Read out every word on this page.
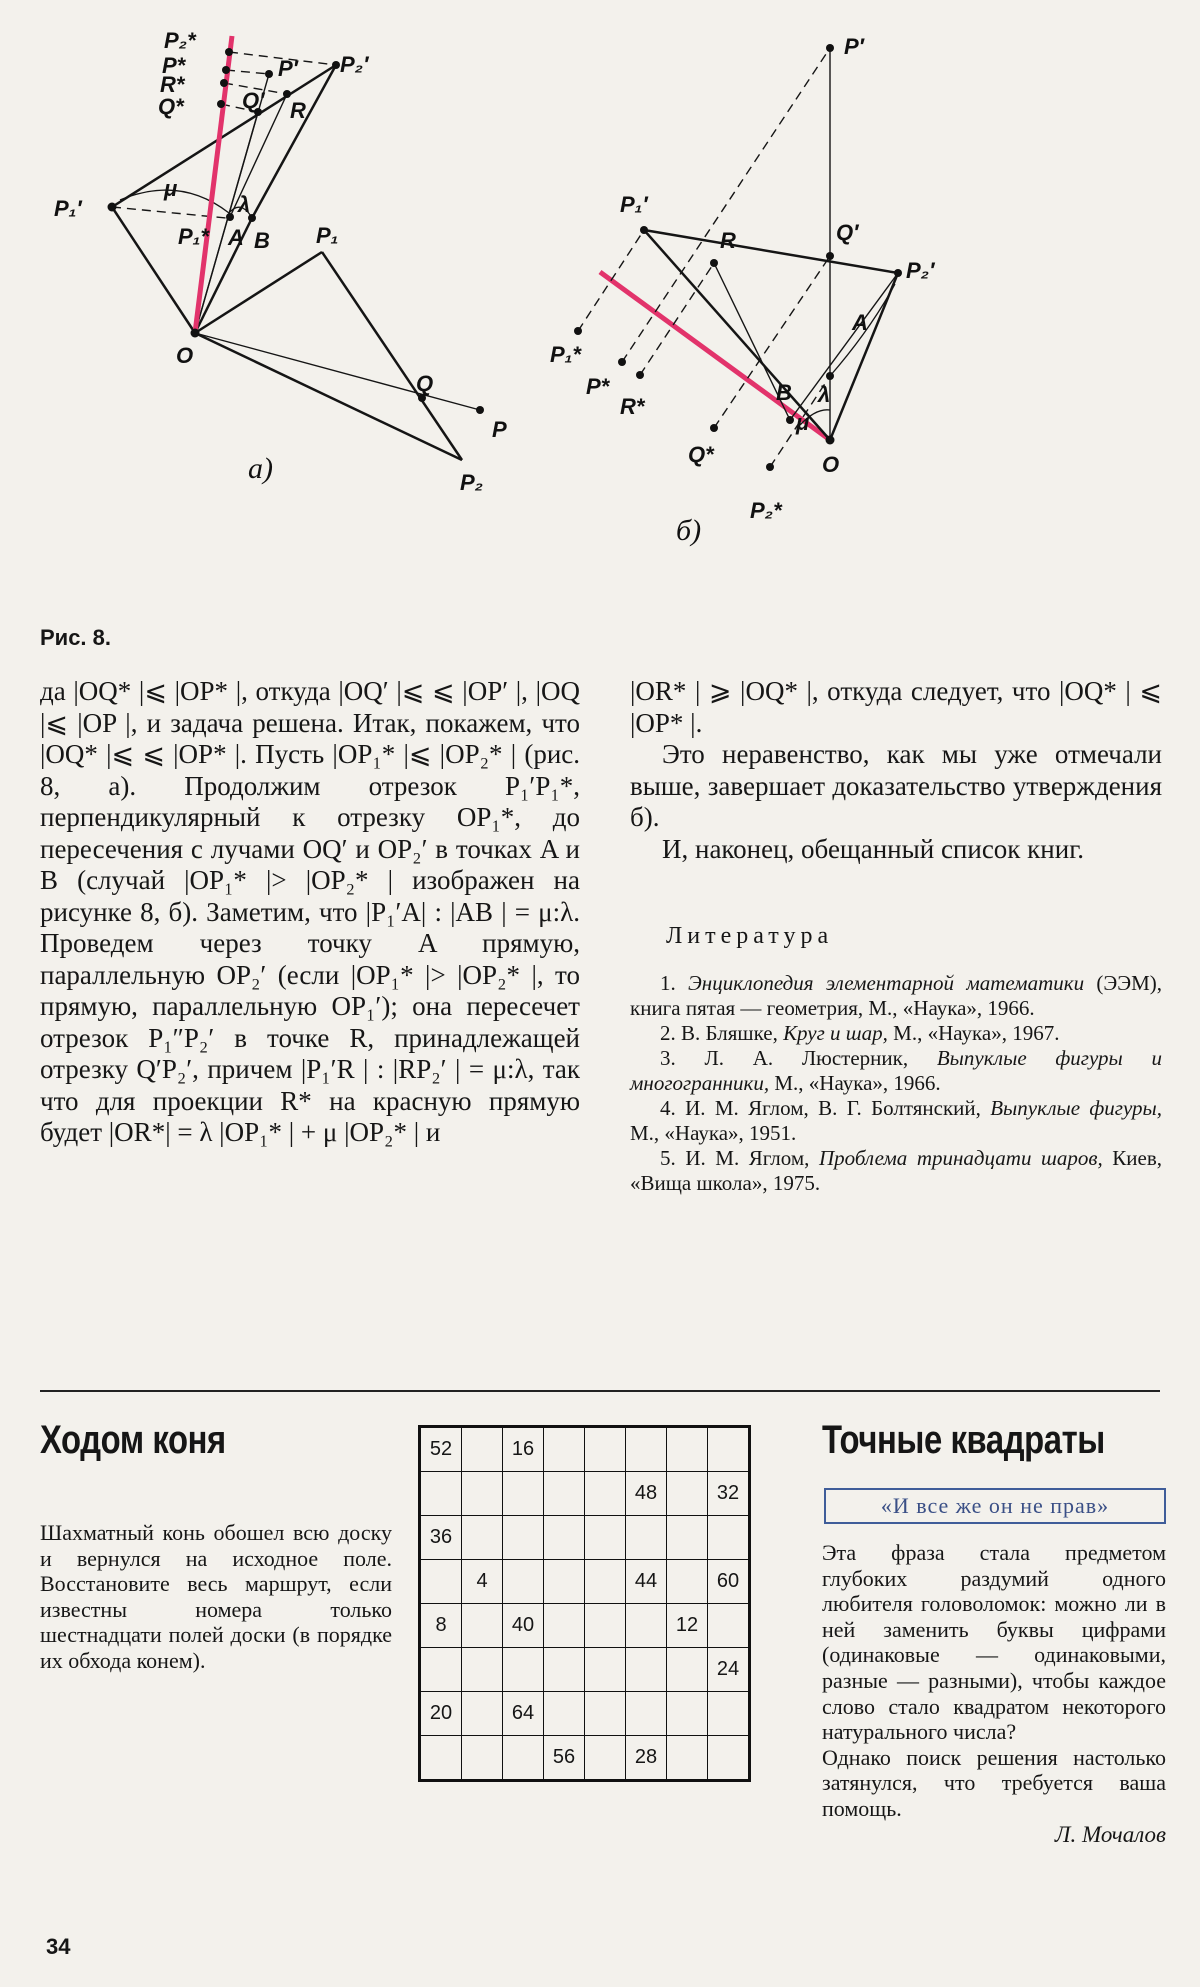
P₂*
P*
R*
Q*
P′
Q′ R
P₂′
P₁′
μ
λ
P₁* A B P₁
O
Q
P
P₂
а)
P′
P₁′
R	Q′
P₂′
P₁*
P*
R*
A
B λ
Q*
μ
P₂*
O
б)
Рис. 8.

да |OQ* |⩽ |OP* |, откуда |OQ′ |⩽ ⩽ |OP′ |, |OQ |⩽ |OP |, и задача решена. Итак, покажем, что |OQ* |⩽ ⩽ |OP* |. Пусть |OP₁* |⩽ |OP₂* | (рис. 8, а). Продолжим отрезок P₁′P₁*, перпендикулярный к отрезку OP₁*, до пересечения с лучами OQ′ и OP₂′ в точках A и B (случай |OP₁* |> |OP₂* | изображен на рисунке 8, б). Заметим, что |P₁′A| : |AB | = μ:λ. Проведем через точку A прямую, параллельную OP₂′ (если |OP₁* |> |OP₂* |, то прямую, параллельную OP₁′); она пересечет отрезок P₁″P₂′ в точке R, принадлежащей отрезку Q′P₂′, причем |P₁′R | : |RP₂′ | = μ:λ, так что для проекции R* на красную прямую будет |OR*| = λ |OP₁* | + μ |OP₂* | и

|OR* | ⩾ |OQ* |, откуда следует, что |OQ* | ⩽ |OP* |.

Это неравенство, как мы уже отмечали выше, завершает доказательство утверждения б).

И, наконец, обещанный список книг.

Литература

1. Энциклопедия элементарной математики (ЭЭМ), книга пятая — геометрия, М., «Наука», 1966.

2. В. Бляшке, Круг и шар, М., «Наука», 1967.

3. Л. А. Люстерник, Выпуклые фигуры и многогранники, М., «Наука», 1966.

4. И. М. Яглом, В. Г. Болтянский, Выпуклые фигуры, М., «Наука», 1951.

5. И. М. Яглом, Проблема тринадцати шаров, Киев, «Вища школа», 1975.

Ходом коня
Шахматный конь обошел всю доску и вернулся на исходное поле. Восстановите весь маршрут, если известны номера только шестнадцати полей доски (в порядке их обхода конем).
52		16					
					48		32
36							
	4				44		60
8		40				12	
							24
20		64					
			56		28		
Точные квадраты
«И все же он не прав»

Эта фраза стала предметом глубоких раздумий одного любителя головоломок: можно ли в ней заменить буквы цифрами (одинаковые — одинаковыми, разные — разными), чтобы каждое слово стало квадратом некоторого натурального числа?

Однако поиск решения настолько затянулся, что требуется ваша помощь.

Л. Мочалов

34
